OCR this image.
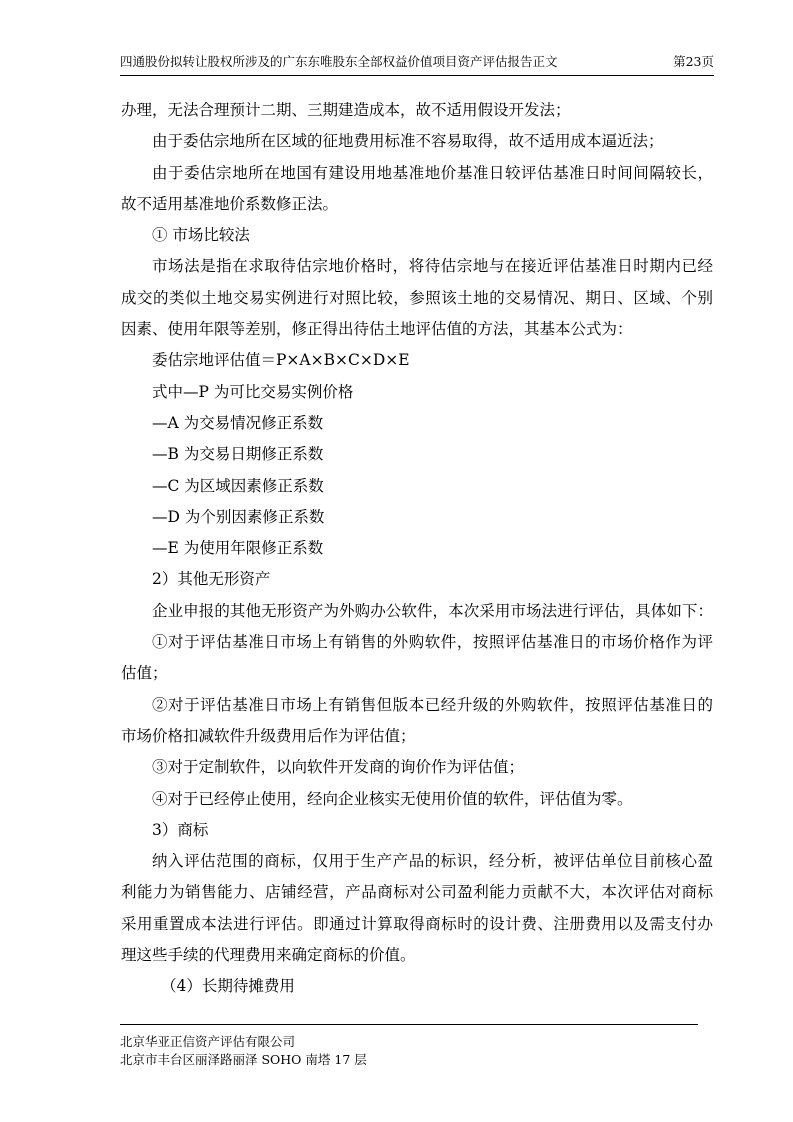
四通股份拟转让股权所涉及的广东东唯股东全部权益价值项目资产评估报告正文	第23页
办理，无法合理预计二期、三期建造成本，故不适用假设开发法；
由于委估宗地所在区域的征地费用标准不容易取得，故不适用成本逼近法；
由于委估宗地所在地国有建设用地基准地价基准日较评估基准日时间间隔较长，
故不适用基准地价系数修正法。
① 市场比较法
市场法是指在求取待估宗地价格时，将待估宗地与在接近评估基准日时期内已经
成交的类似土地交易实例进行对照比较，参照该土地的交易情况、期日、区域、个别
因素、使用年限等差别，修正得出待估土地评估值的方法，其基本公式为：
委估宗地评估值＝P×A×B×C×D×E
式中—P 为可比交易实例价格
—A 为交易情况修正系数
—B 为交易日期修正系数
—C 为区域因素修正系数
—D 为个别因素修正系数
—E 为使用年限修正系数
2）其他无形资产
企业申报的其他无形资产为外购办公软件，本次采用市场法进行评估，具体如下：
①对于评估基准日市场上有销售的外购软件，按照评估基准日的市场价格作为评
估值；
②对于评估基准日市场上有销售但版本已经升级的外购软件，按照评估基准日的
市场价格扣减软件升级费用后作为评估值；
③对于定制软件，以向软件开发商的询价作为评估值；
④对于已经停止使用，经向企业核实无使用价值的软件，评估值为零。
3）商标
纳入评估范围的商标，仅用于生产产品的标识，经分析，被评估单位目前核心盈
利能力为销售能力、店铺经营，产品商标对公司盈利能力贡献不大，本次评估对商标
采用重置成本法进行评估。即通过计算取得商标时的设计费、注册费用以及需支付办
理这些手续的代理费用来确定商标的价值。
（4）长期待摊费用
北京华亚正信资产评估有限公司
北京市丰台区丽泽路丽泽 SOHO 南塔 17 层
